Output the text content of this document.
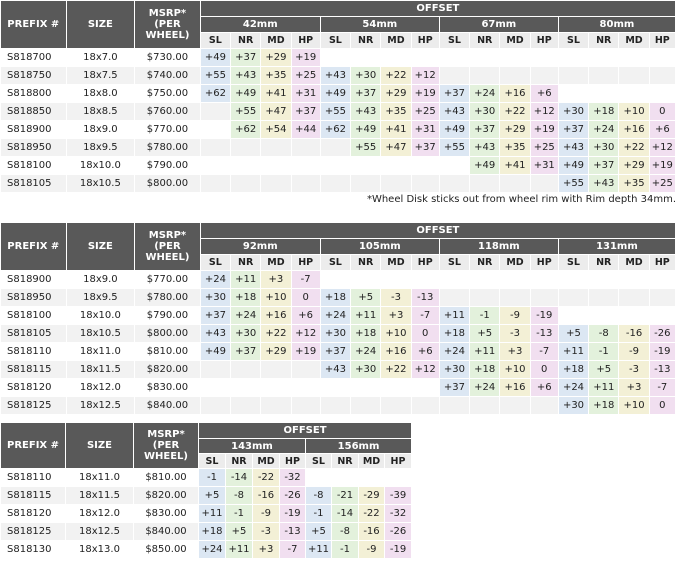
PREFIX #	SIZE	MSRP* (PER WHEEL)	OFFSET															
			42mm				54mm				67mm				80mm			
			SL	NR	MD	HP	SL	NR	MD	HP	SL	NR	MD	HP	SL	NR	MD	HP
S818700	18x7.0	$730.00	+49	+37	+29	+19												
S818750	18x7.5	$740.00	+55	+43	+35	+25	+43	+30	+22	+12								
S818800	18x8.0	$750.00	+62	+49	+41	+31	+49	+37	+29	+19	+37	+24	+16	+6				
S818850	18x8.5	$760.00		+55	+47	+37	+55	+43	+35	+25	+43	+30	+22	+12	+30	+18	+10	0
S818900	18x9.0	$770.00		+62	+54	+44	+62	+49	+41	+31	+49	+37	+29	+19	+37	+24	+16	+6
S818950	18x9.5	$780.00						+55	+47	+37	+55	+43	+35	+25	+43	+30	+22	+12
S818100	18x10.0	$790.00										+49	+41	+31	+49	+37	+29	+19
S818105	18x10.5	$800.00													+55	+43	+35	+25
*Wheel Disk sticks out from wheel rim with Rim depth 34mm.
PREFIX #	SIZE	MSRP* (PER WHEEL)	OFFSET															
			92mm				105mm				118mm				131mm			
			SL	NR	MD	HP	SL	NR	MD	HP	SL	NR	MD	HP	SL	NR	MD	HP
S818900	18x9.0	$770.00	+24	+11	+3	-7												
S818950	18x9.5	$780.00	+30	+18	+10	0	+18	+5	-3	-13								
S818100	18x10.0	$790.00	+37	+24	+16	+6	+24	+11	+3	-7	+11	-1	-9	-19				
S818105	18x10.5	$800.00	+43	+30	+22	+12	+30	+18	+10	0	+18	+5	-3	-13	+5	-8	-16	-26
S818110	18x11.0	$810.00	+49	+37	+29	+19	+37	+24	+16	+6	+24	+11	+3	-7	+11	-1	-9	-19
S818115	18x11.5	$820.00					+43	+30	+22	+12	+30	+18	+10	0	+18	+5	-3	-13
S818120	18x12.0	$830.00									+37	+24	+16	+6	+24	+11	+3	-7
S818125	18x12.5	$840.00													+30	+18	+10	0
PREFIX #	SIZE	MSRP* (PER WHEEL)	OFFSET							
			143mm				156mm			
			SL	NR	MD	HP	SL	NR	MD	HP
S818110	18x11.0	$810.00	-1	-14	-22	-32				
S818115	18x11.5	$820.00	+5	-8	-16	-26	-8	-21	-29	-39
S818120	18x12.0	$830.00	+11	-1	-9	-19	-1	-14	-22	-32
S818125	18x12.5	$840.00	+18	+5	-3	-13	+5	-8	-16	-26
S818130	18x13.0	$850.00	+24	+11	+3	-7	+11	-1	-9	-19
